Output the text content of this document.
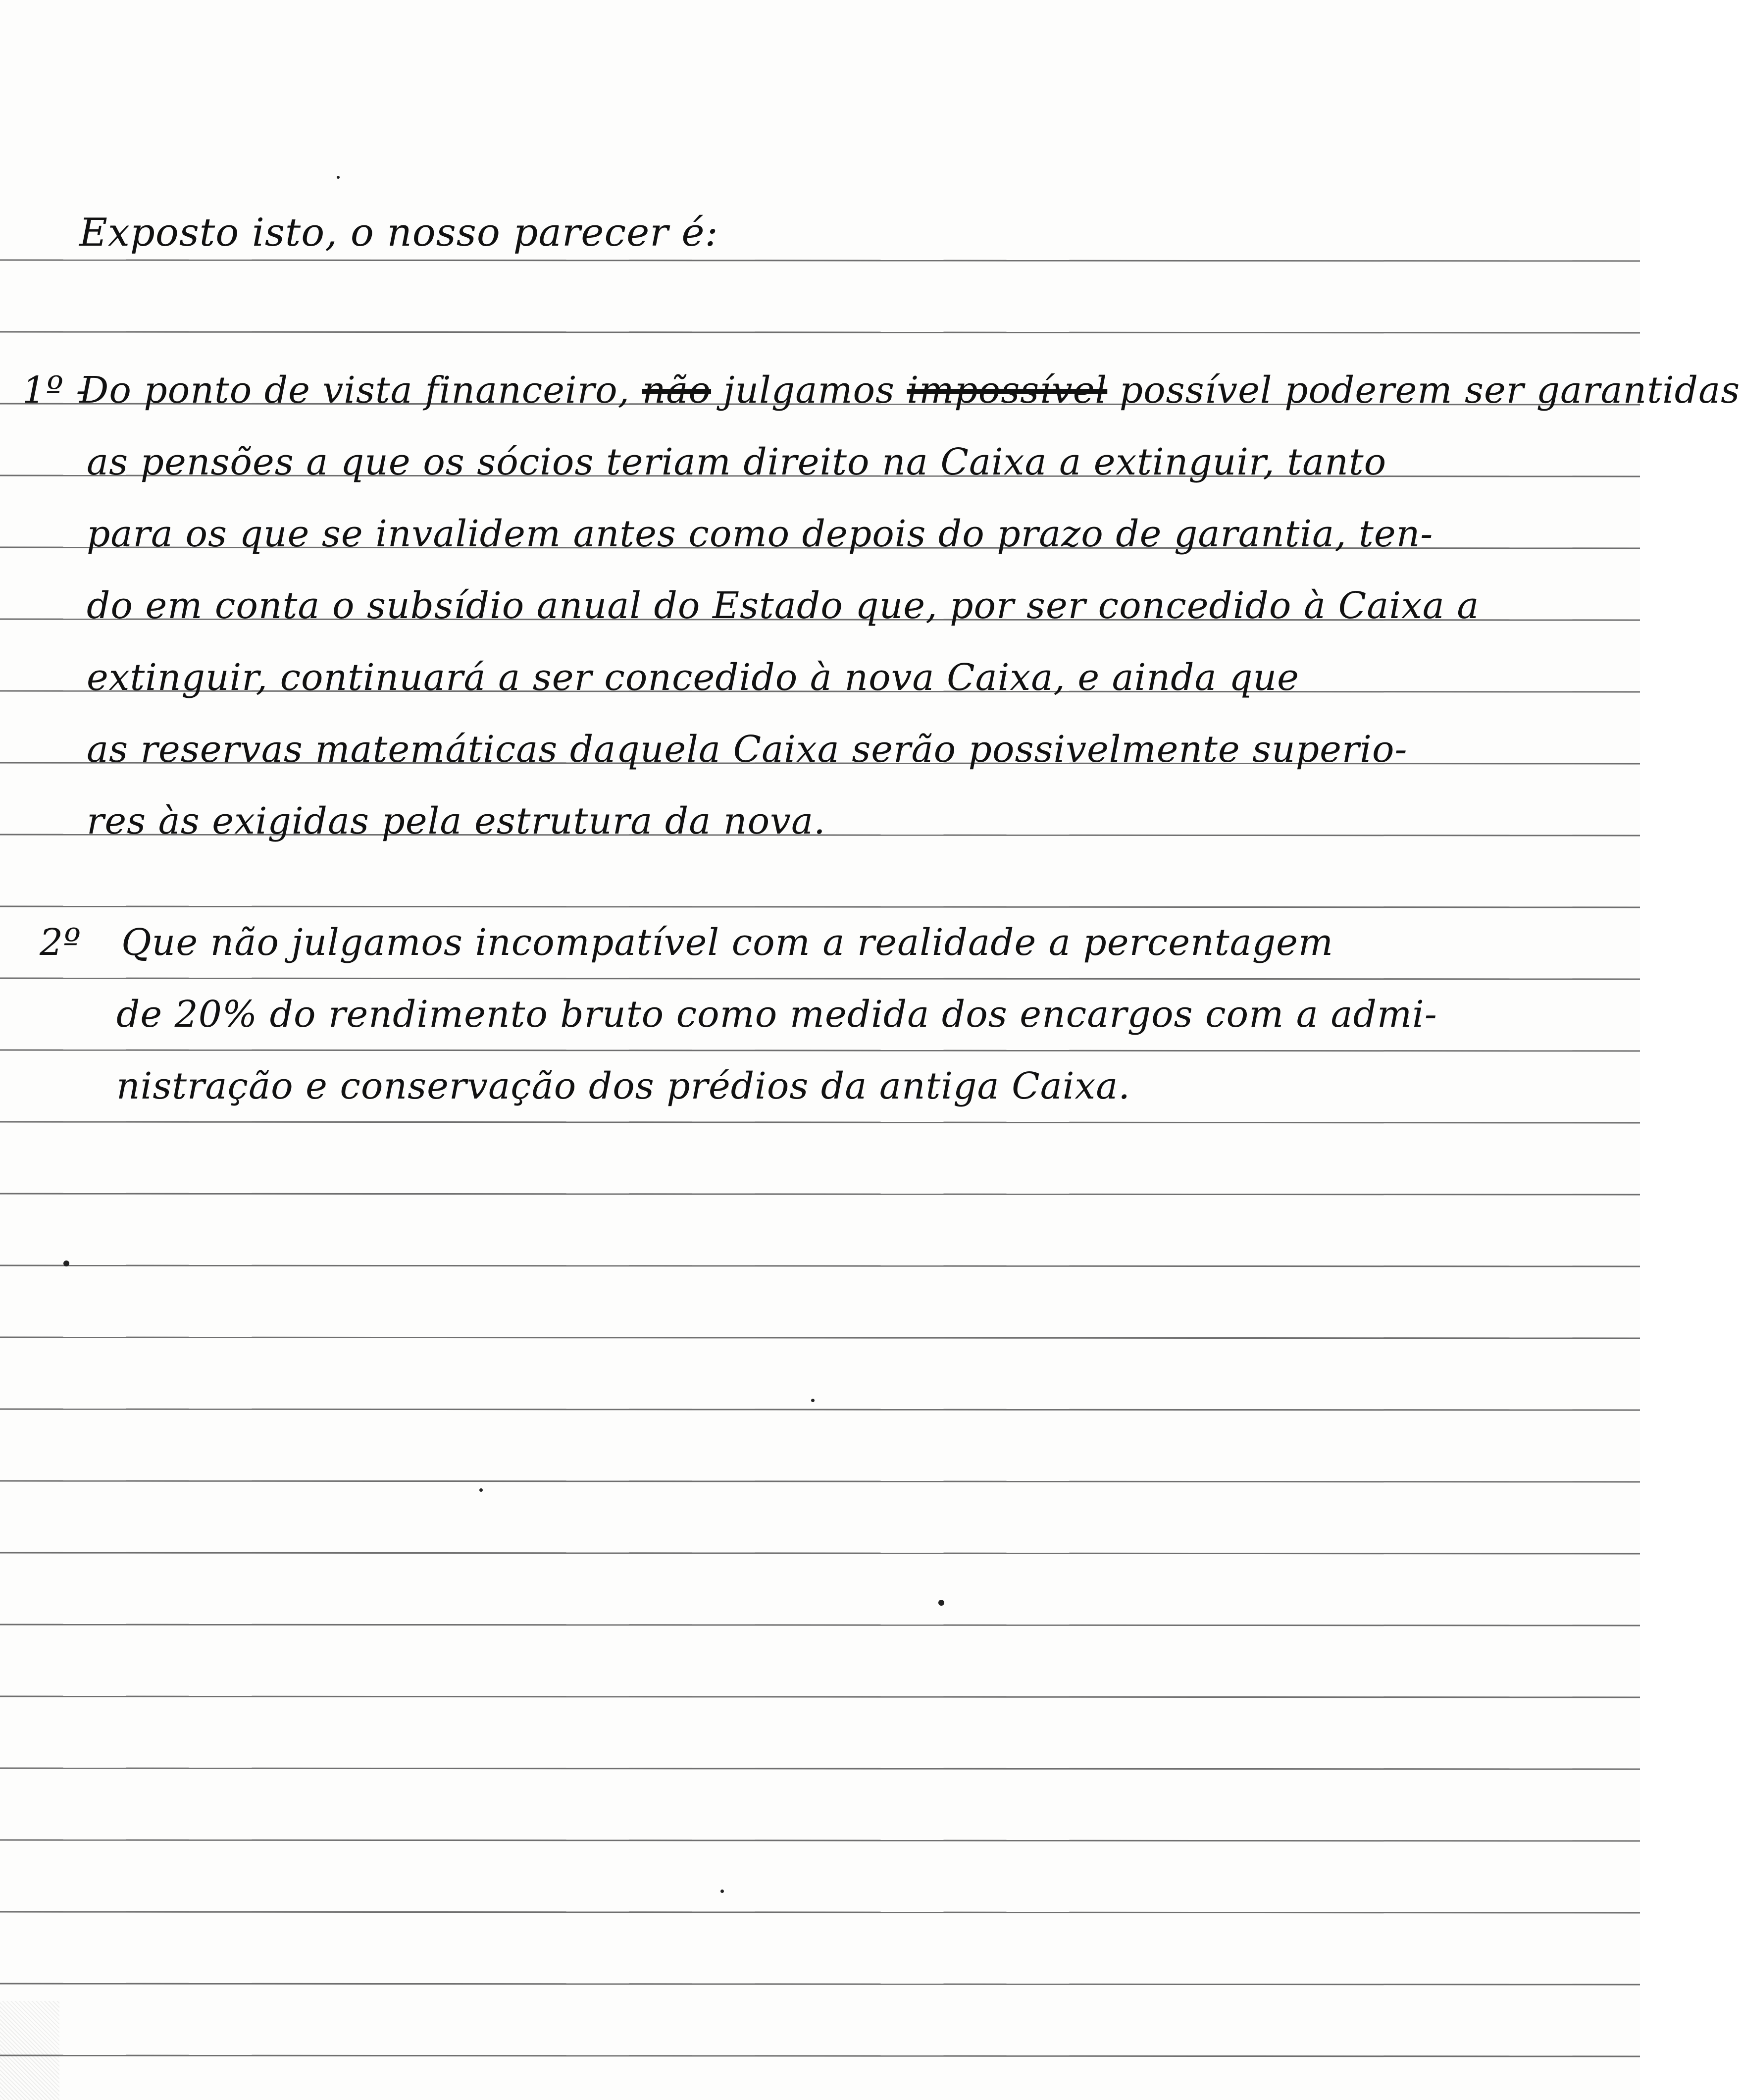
Exposto isto, o nosso parecer é:
1º -
Do ponto de vista financeiro, não julgamos impossível possível poderem ser garantidas
as pensões a que os sócios teriam direito na Caixa a extinguir, tanto
para os que se invalidem antes como depois do prazo de garantia, ten-
do em conta o subsídio anual do Estado que, por ser concedido à Caixa a
extinguir, continuará a ser concedido à nova Caixa, e ainda que
as reservas matemáticas daquela Caixa serão possivelmente superio-
res às exigidas pela estrutura da nova.
2º Que não julgamos incompatível com a realidade a percentagem
de 20% do rendimento bruto como medida dos encargos com a admi-
nistração e conservação dos prédios da antiga Caixa.
